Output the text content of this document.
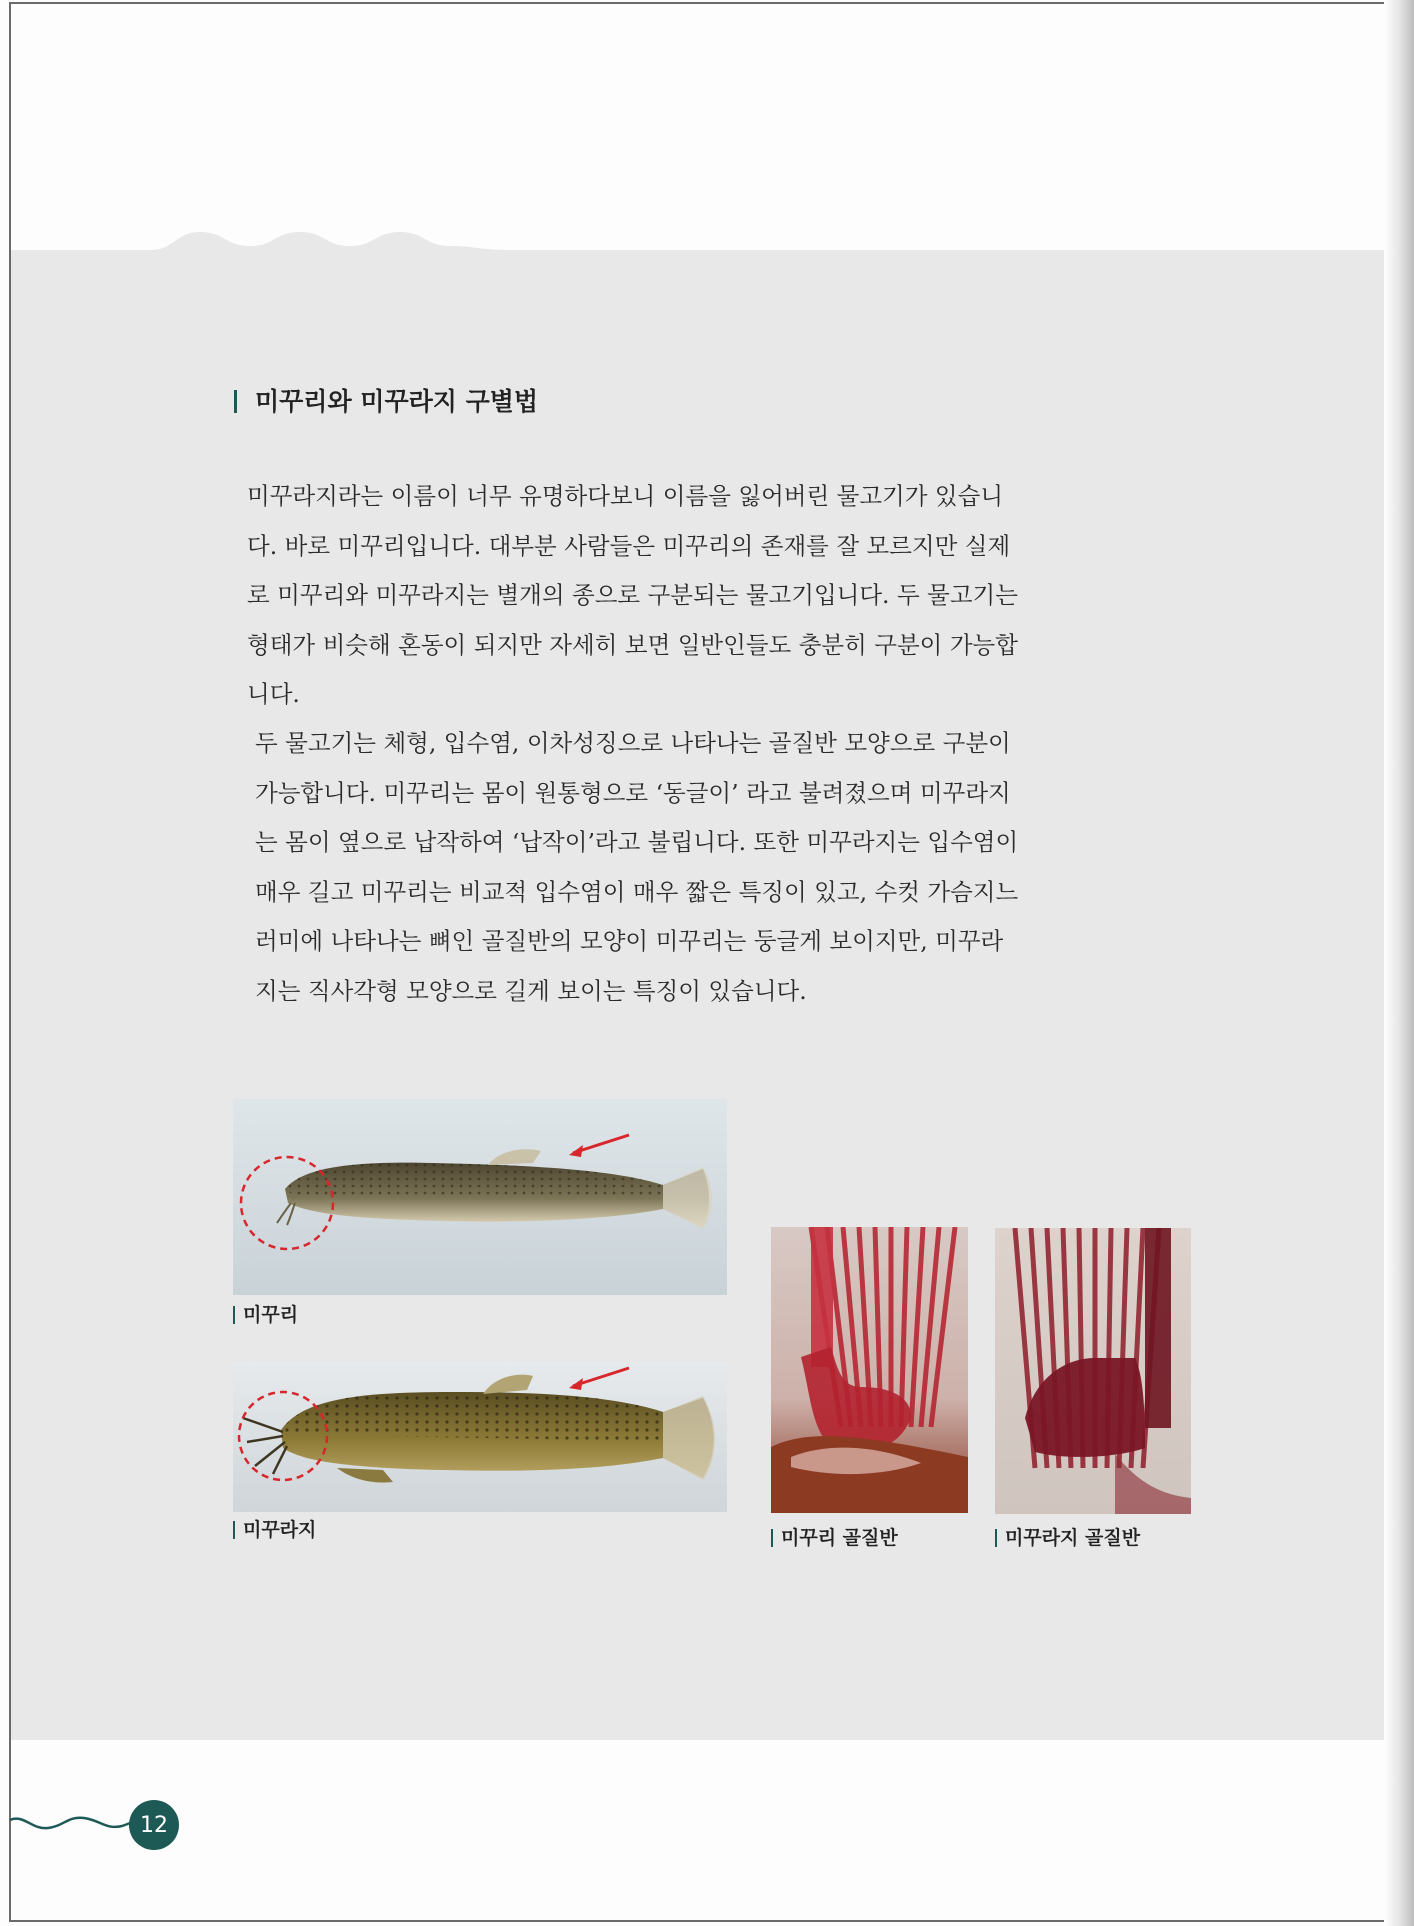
미꾸리와 미꾸라지 구별법
미꾸라지라는 이름이 너무 유명하다보니 이름을 잃어버린 물고기가 있습니
다. 바로 미꾸리입니다. 대부분 사람들은 미꾸리의 존재를 잘 모르지만 실제
로 미꾸리와 미꾸라지는 별개의 종으로 구분되는 물고기입니다. 두 물고기는
형태가 비슷해 혼동이 되지만 자세히 보면 일반인들도 충분히 구분이 가능합
니다.
두 물고기는 체형, 입수염, 이차성징으로 나타나는 골질반 모양으로 구분이
가능합니다. 미꾸리는 몸이 원통형으로 ‘동글이’ 라고 불려졌으며 미꾸라지
는 몸이 옆으로 납작하여 ‘납작이’라고 불립니다. 또한 미꾸라지는 입수염이
매우 길고 미꾸리는 비교적 입수염이 매우 짧은 특징이 있고, 수컷 가슴지느
러미에 나타나는 뼈인 골질반의 모양이 미꾸리는 둥글게 보이지만, 미꾸라
지는 직사각형 모양으로 길게 보이는 특징이 있습니다.
미꾸리
미꾸라지	미꾸리 골질반	미꾸라지 골질반
12
